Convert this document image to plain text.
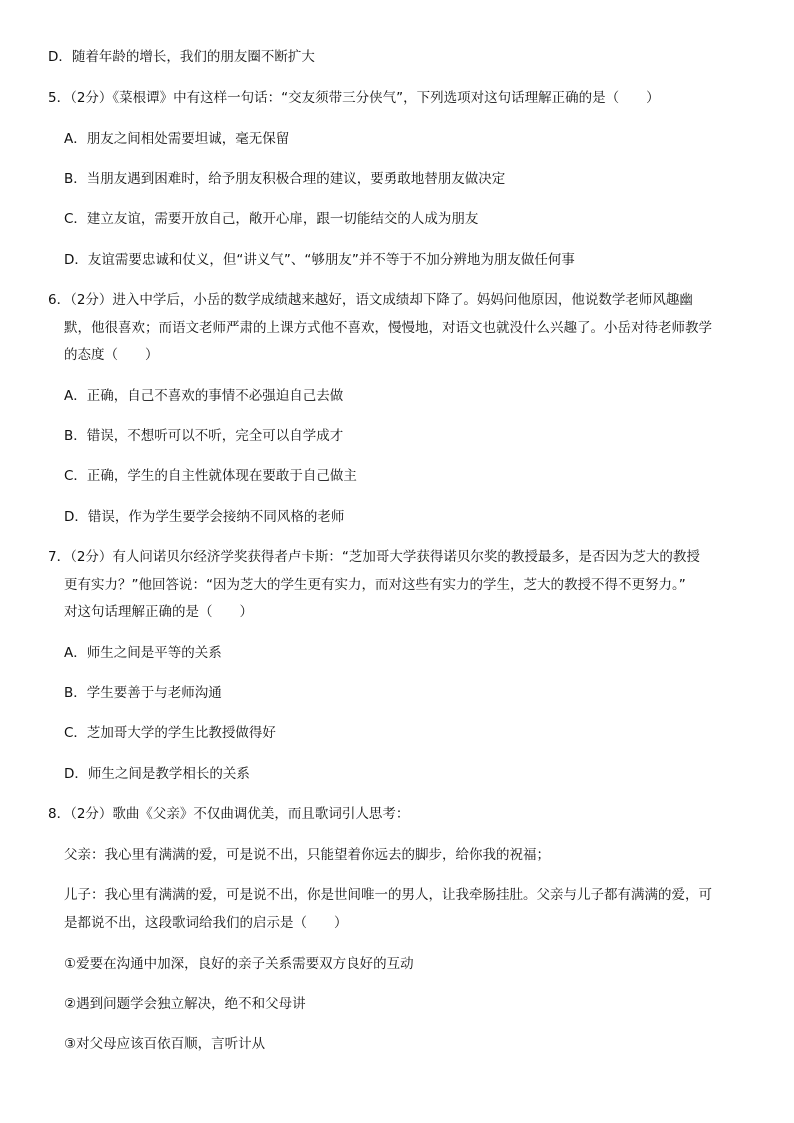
D．随着年龄的增长，我们的朋友圈不断扩大

5．（2分）《菜根谭》中有这样一句话：“交友须带三分侠气”，下列选项对这句话理解正确的是（　　）

A．朋友之间相处需要坦诚，毫无保留

B．当朋友遇到困难时，给予朋友积极合理的建议，要勇敢地替朋友做决定

C．建立友谊，需要开放自己，敞开心扉，跟一切能结交的人成为朋友

D．友谊需要忠诚和仗义，但“讲义气”、“够朋友”并不等于不加分辨地为朋友做任何事

6．（2分）进入中学后，小岳的数学成绩越来越好，语文成绩却下降了。妈妈问他原因，他说数学老师风趣幽

默，他很喜欢；而语文老师严肃的上课方式他不喜欢，慢慢地，对语文也就没什么兴趣了。小岳对待老师教学

的态度（　　）

A．正确，自己不喜欢的事情不必强迫自己去做

B．错误，不想听可以不听，完全可以自学成才

C．正确，学生的自主性就体现在要敢于自己做主

D．错误，作为学生要学会接纳不同风格的老师

7．（2分）有人问诺贝尔经济学奖获得者卢卡斯：“芝加哥大学获得诺贝尔奖的教授最多，是否因为芝大的教授

更有实力？”他回答说：“因为芝大的学生更有实力，而对这些有实力的学生，芝大的教授不得不更努力。”

对这句话理解正确的是（　　）

A．师生之间是平等的关系

B．学生要善于与老师沟通

C．芝加哥大学的学生比教授做得好

D．师生之间是教学相长的关系

8．（2分）歌曲《父亲》不仅曲调优美，而且歌词引人思考：

父亲：我心里有满满的爱，可是说不出，只能望着你远去的脚步，给你我的祝福；

儿子：我心里有满满的爱，可是说不出，你是世间唯一的男人，让我牵肠挂肚。父亲与儿子都有满满的爱，可

是都说不出，这段歌词给我们的启示是（　　）

①爱要在沟通中加深，良好的亲子关系需要双方良好的互动

②遇到问题学会独立解决，绝不和父母讲

③对父母应该百依百顺，言听计从
